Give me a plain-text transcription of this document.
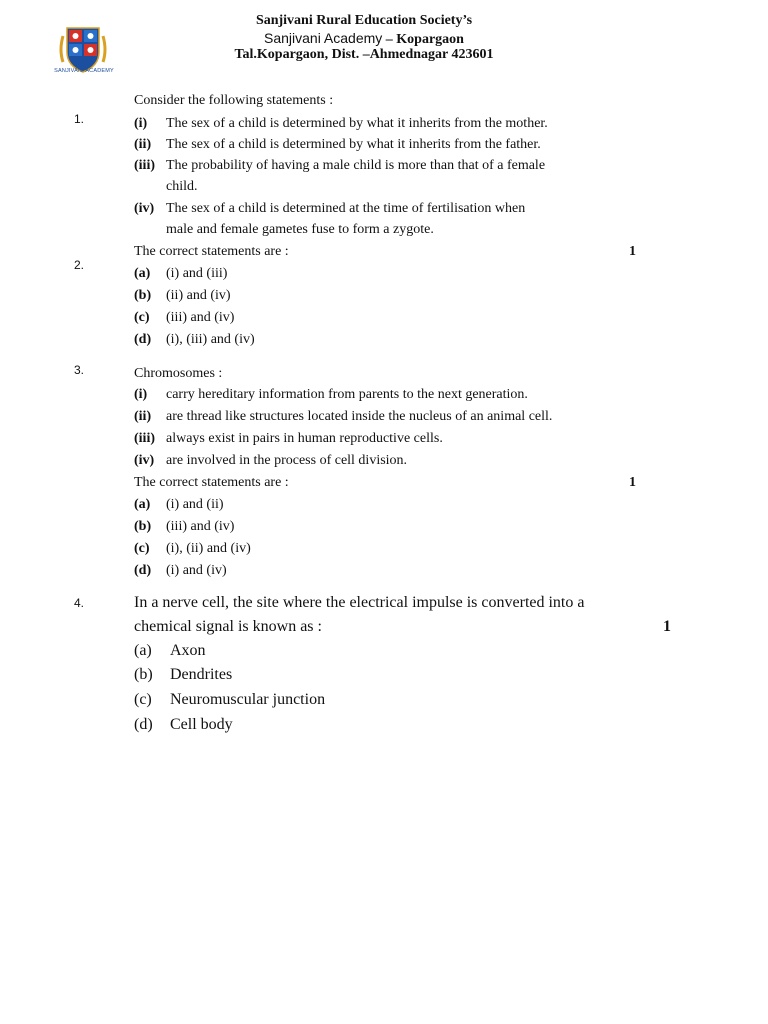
SANJIVANI ACADEMY
Sanjivani Rural Education Society’s
Sanjivani Academy – Kopargaon
Tal.Kopargaon, Dist. –Ahmednagar 423601
1.
Consider the following statements :
(i) The sex of a child is determined by what it inherits from the mother.
(ii) The sex of a child is determined by what it inherits from the father.
(iii) The probability of having a male child is more than that of a female
child.
(iv) The sex of a child is determined at the time of fertilisation when
male and female gametes fuse to form a zygote.
The correct statements are :	1
2.
(a) (i) and (iii)
(b) (ii) and (iv)
(c) (iii) and (iv)
(d) (i), (iii) and (iv)
3.	Chromosomes :
(i) carry hereditary information from parents to the next generation.
(ii) are thread like structures located inside the nucleus of an animal cell.
(iii) always exist in pairs in human reproductive cells.
(iv) are involved in the process of cell division.
The correct statements are :	1
(a) (i) and (ii)
(b) (iii) and (iv)
(c) (i), (ii) and (iv)
(d) (i) and (iv)
4.	In a nerve cell, the site where the electrical impulse is converted into a
chemical signal is known as :	1
(a) Axon
(b) Dendrites
(c) Neuromuscular junction
(d) Cell body
